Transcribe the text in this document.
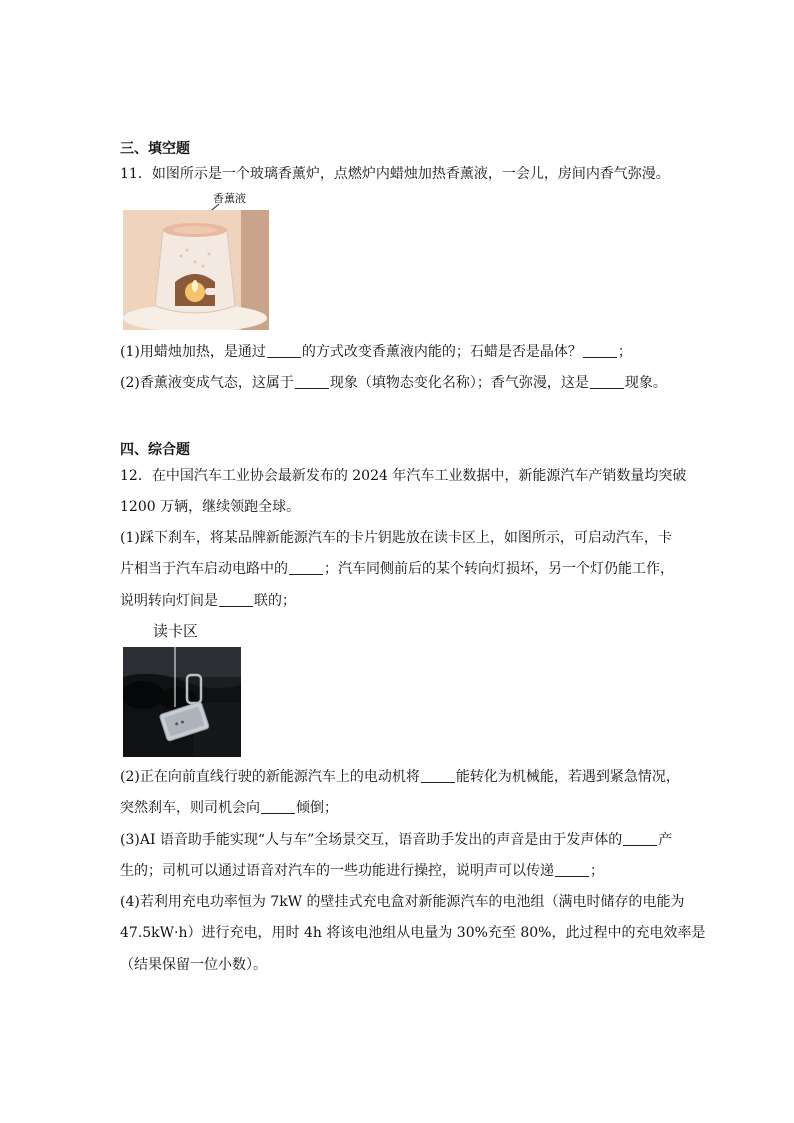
三、填空题
11．如图所示是一个玻璃香薰炉，点燃炉内蜡烛加热香薰液，一会儿，房间内香气弥漫。
香薰液
(1)用蜡烛加热，是通过	的方式改变香薰液内能的；石蜡是否是晶体？	；
(2)香薰液变成气态，这属于	现象（填物态变化名称）；香气弥漫，这是	现象。
四、综合题
12．在中国汽车工业协会最新发布的 2024 年汽车工业数据中，新能源汽车产销数量均突破
1200 万辆，继续领跑全球。
(1)踩下刹车，将某品牌新能源汽车的卡片钥匙放在读卡区上，如图所示，可启动汽车，卡
片相当于汽车启动电路中的	；汽车同侧前后的某个转向灯损坏，另一个灯仍能工作，
说明转向灯间是	联的；
读卡区
(2)正在向前直线行驶的新能源汽车上的电动机将	能转化为机械能，若遇到紧急情况，
突然刹车，则司机会向	倾倒；
(3)AI 语音助手能实现“人与车”全场景交互，语音助手发出的声音是由于发声体的	产
生的；司机可以通过语音对汽车的一些功能进行操控，说明声可以传递	；
(4)若利用充电功率恒为 7kW 的壁挂式充电盒对新能源汽车的电池组（满电时储存的电能为
47.5kW·h）进行充电，用时 4h 将该电池组从电量为 30%充至 80%，此过程中的充电效率是
（结果保留一位小数）。
